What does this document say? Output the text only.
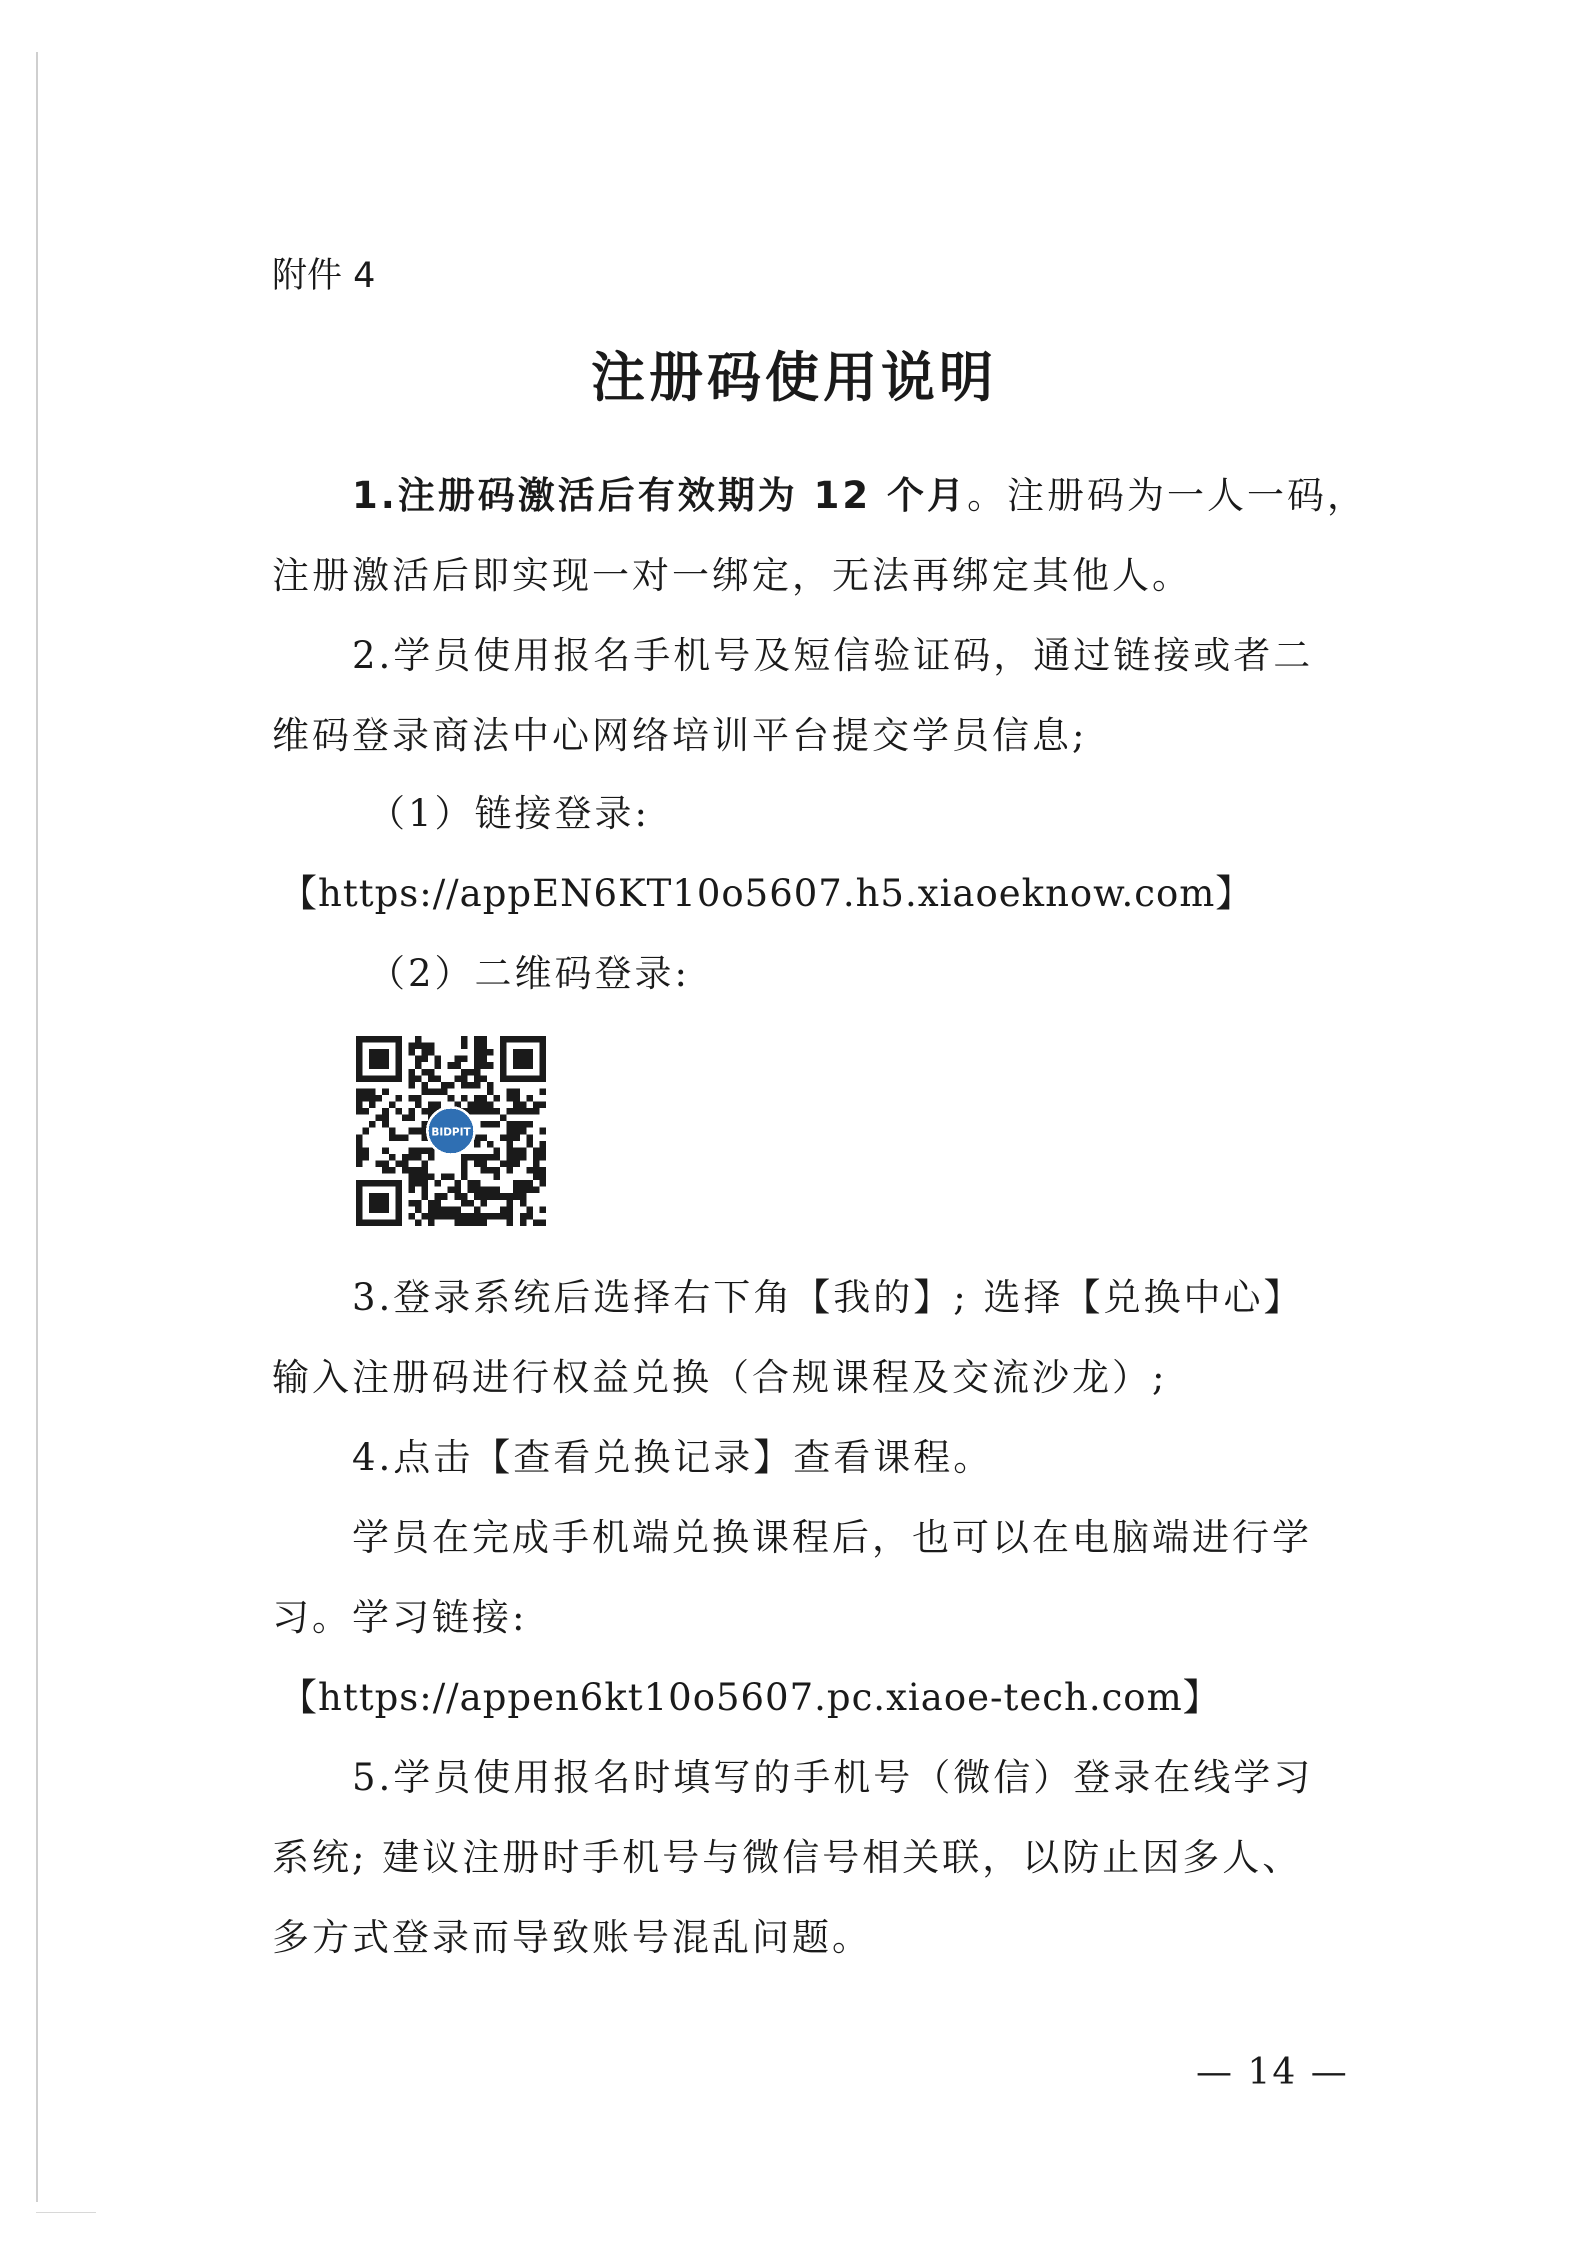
附件 4
注册码使用说明
1.注册码激活后有效期为 12 个月。注册码为一人一码，
注册激活后即实现一对一绑定，无法再绑定其他人。
2.学员使用报名手机号及短信验证码，通过链接或者二
维码登录商法中心网络培训平台提交学员信息;
（1）链接登录:
【https://appEN6KT10o5607.h5.xiaoeknow.com】
（2）二维码登录:
BIDPIT
3.登录系统后选择右下角【我的】; 选择【兑换中心】
输入注册码进行权益兑换（合规课程及交流沙龙）;
4.点击【查看兑换记录】查看课程。
学员在完成手机端兑换课程后，也可以在电脑端进行学
习。学习链接:
【https://appen6kt10o5607.pc.xiaoe-tech.com】
5.学员使用报名时填写的手机号（微信）登录在线学习
系统; 建议注册时手机号与微信号相关联，以防止因多人、
多方式登录而导致账号混乱问题。
— 14 —
